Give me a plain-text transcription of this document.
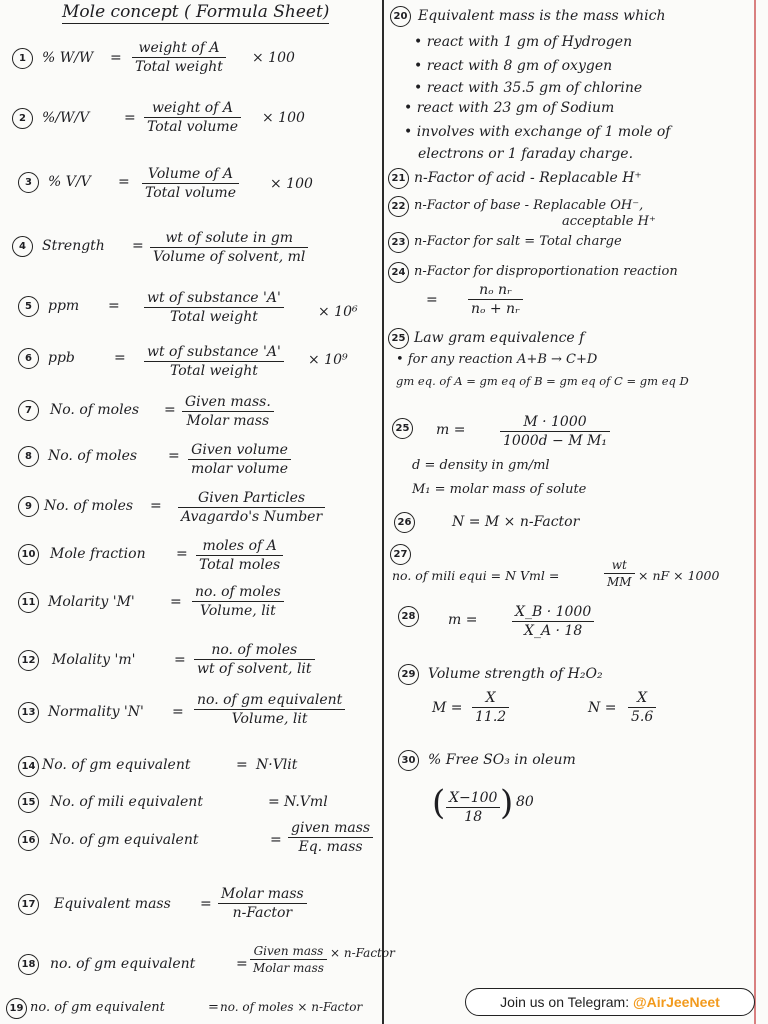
Mole concept ( Formula Sheet)
1	% W/W =
weight of A
Total weight
× 100
2	%/W/V =
weight of A
Total volume
× 100
3	% V/V =	Volume of A
Total volume
× 100
4	Strength =	wt of solute in gm
Volume of solvent, ml
5	ppm = wt of substance 'A'
Total weight	× 10⁶
6	ppb	= wt of substance 'A'
Total weight
× 10⁹
7	No. of moles = Given mass.
Molar mass
8	No. of moles = Given volume
molar volume
9 No. of moles =	Given Particles
Avagardo's Number
10 Mole fraction =	moles of A
Total moles
11 Molarity 'M'	=
no. of moles
Volume, lit
12 Molality 'm'	=
no. of moles
wt of solvent, lit
13 Normality 'N' =
no. of gm equivalent
Volume, lit
14 No. of gm equivalent	= N·Vlit
15 No. of mili equivalent	= N.Vml
16 No. of gm equivalent	=
given mass
Eq. mass
17 Equivalent mass =
Molar mass
n-Factor
18 no. of gm equivalent	=
Given mass
Molar mass
× n-Factor
19 no. of gm equivalent	= no. of moles × n-Factor
20 Equivalent mass is the mass which
• react with 1 gm of Hydrogen
• react with 8 gm of oxygen
• react with 35.5 gm of chlorine
• react with 23 gm of Sodium
• involves with exchange of 1 mole of
electrons or 1 faraday charge.
21 n-Factor of acid - Replacable H⁺
22 n-Factor of base - Replacable OH⁻,
acceptable H⁺
23 n-Factor for salt = Total charge
24 n-Factor for disproportionation reaction
= $\frac{\text{nₒ nᵣ}}{\text{nₒ + nᵣ}}$
25 Law gram equivalence f
• for any reaction A+B → C+D
gm eq. of A = gm eq of B = gm eq of C = gm eq D
25 $m = \frac{M \cdot 1000}{\text{1000d − M M₁}}$
d = density in gm/ml
M₁ = molar mass of solute
26	N = M × n-Factor
27
no. of mili equi = N Vml =	$\frac{wt}{MM}$ × nF × 1000
28 $m = \frac{X\_B \cdot 1000}{X\_A \cdot 18}$
29 Volume strength of H₂O₂
$M = \frac{X}{11.2}$	$N = \frac{X}{5.6}$
30 % Free SO₃ in oleum
( $\frac{X-100}{18}$ ) 80
Join us on Telegram: @AirJeeNeet
